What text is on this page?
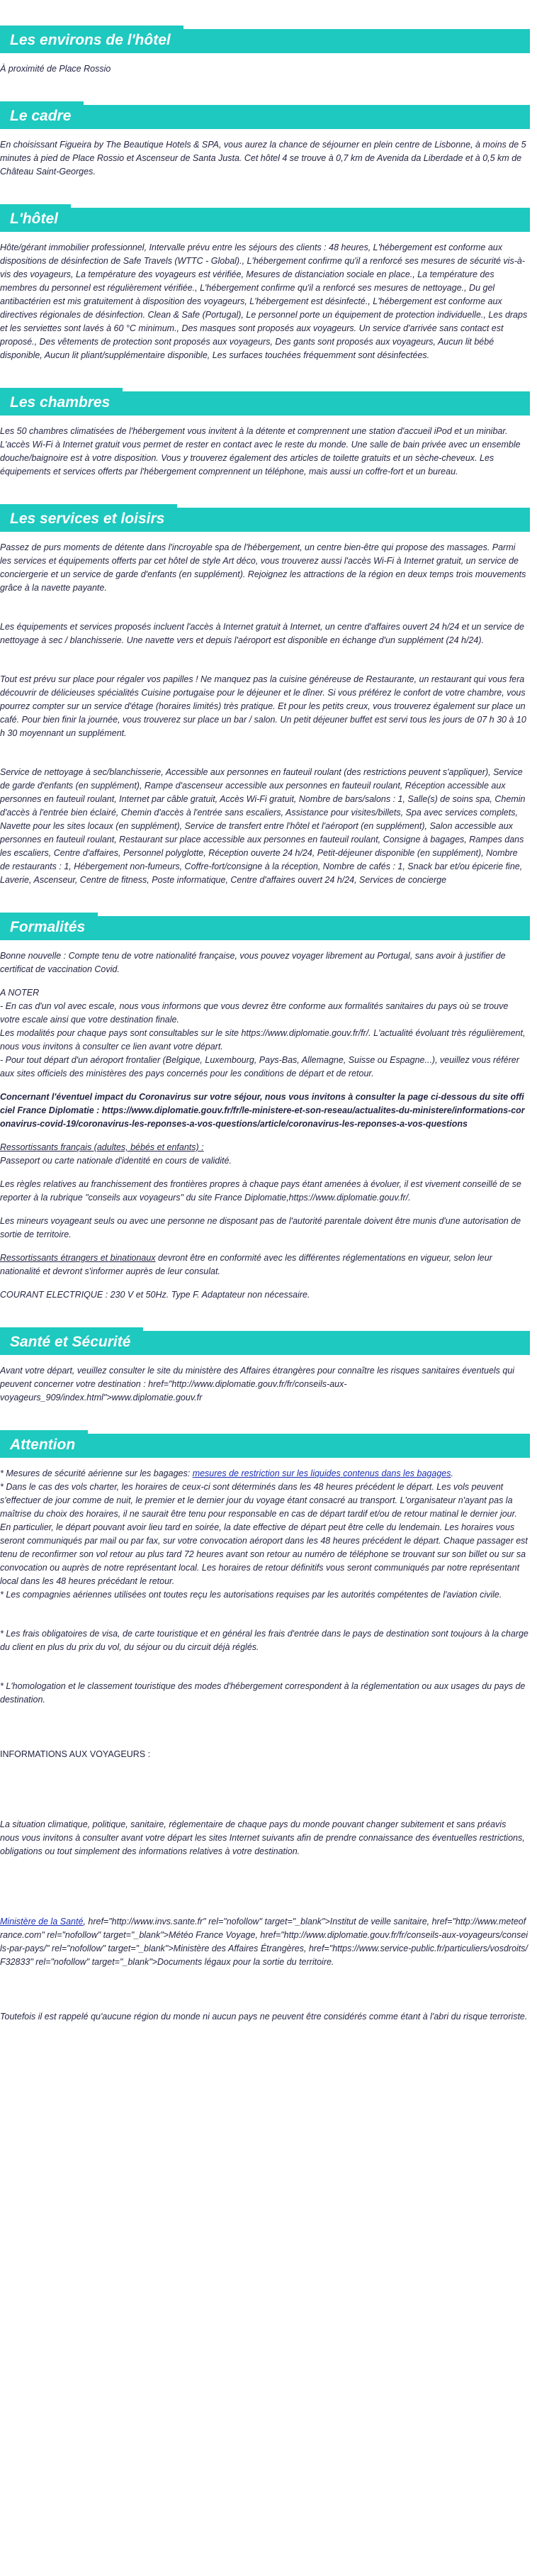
Les environs de l'hôtel

À proximité de Place Rossio

Le cadre

En choisissant Figueira by The Beautique Hotels & SPA, vous aurez la chance de séjourner en plein centre de Lisbonne, à moins de 5 minutes à pied de Place Rossio et Ascenseur de Santa Justa. Cet hôtel 4 se trouve à 0,7 km de Avenida da Liberdade et à 0,5 km de Château Saint-Georges.

L'hôtel

Hôte/gérant immobilier professionnel, Intervalle prévu entre les séjours des clients : 48 heures, L'hébergement est conforme aux dispositions de désinfection de Safe Travels (WTTC - Global)., L'hébergement confirme qu'il a renforcé ses mesures de sécurité vis-à-vis des voyageurs, La température des voyageurs est vérifiée, Mesures de distanciation sociale en place., La température des membres du personnel est régulièrement vérifiée., L'hébergement confirme qu'il a renforcé ses mesures de nettoyage., Du gel antibactérien est mis gratuitement à disposition des voyageurs, L'hébergement est désinfecté., L'hébergement est conforme aux directives régionales de désinfection. Clean & Safe (Portugal), Le personnel porte un équipement de protection individuelle., Les draps et les serviettes sont lavés à 60 °C minimum., Des masques sont proposés aux voyageurs. Un service d'arrivée sans contact est proposé., Des vêtements de protection sont proposés aux voyageurs, Des gants sont proposés aux voyageurs, Aucun lit bébé disponible, Aucun lit pliant/supplémentaire disponible, Les surfaces touchées fréquemment sont désinfectées.

Les chambres

Les 50 chambres climatisées de l'hébergement vous invitent à la détente et comprennent une station d'accueil iPod et un minibar. L'accès Wi-Fi à Internet gratuit vous permet de rester en contact avec le reste du monde. Une salle de bain privée avec un ensemble douche/baignoire est à votre disposition. Vous y trouverez également des articles de toilette gratuits et un sèche-cheveux. Les équipements et services offerts par l'hébergement comprennent un téléphone, mais aussi un coffre-fort et un bureau.

Les services et loisirs

Passez de purs moments de détente dans l'incroyable spa de l'hébergement, un centre bien-être qui propose des massages. Parmi les services et équipements offerts par cet hôtel de style Art déco, vous trouverez aussi l'accès Wi-Fi à Internet gratuit, un service de conciergerie et un service de garde d'enfants (en supplément). Rejoignez les attractions de la région en deux temps trois mouvements grâce à la navette payante.

Les équipements et services proposés incluent l'accès à Internet gratuit à Internet, un centre d'affaires ouvert 24 h/24 et un service de nettoyage à sec / blanchisserie. Une navette vers et depuis l'aéroport est disponible en échange d'un supplément (24 h/24).

Tout est prévu sur place pour régaler vos papilles ! Ne manquez pas la cuisine généreuse de Restaurante, un restaurant qui vous fera découvrir de délicieuses spécialités Cuisine portugaise pour le déjeuner et le dîner. Si vous préférez le confort de votre chambre, vous pourrez compter sur un service d'étage (horaires limités) très pratique. Et pour les petits creux, vous trouverez également sur place un café. Pour bien finir la journée, vous trouverez sur place un bar / salon. Un petit déjeuner buffet est servi tous les jours de 07 h 30 à 10 h 30 moyennant un supplément.

Service de nettoyage à sec/blanchisserie, Accessible aux personnes en fauteuil roulant (des restrictions peuvent s'appliquer), Service de garde d'enfants (en supplément), Rampe d'ascenseur accessible aux personnes en fauteuil roulant, Réception accessible aux personnes en fauteuil roulant, Internet par câble gratuit, Accès Wi-Fi gratuit, Nombre de bars/salons : 1, Salle(s) de soins spa, Chemin d'accès à l'entrée bien éclairé, Chemin d'accès à l'entrée sans escaliers, Assistance pour visites/billets, Spa avec services complets, Navette pour les sites locaux (en supplément), Service de transfert entre l'hôtel et l'aéroport (en supplément), Salon accessible aux personnes en fauteuil roulant, Restaurant sur place accessible aux personnes en fauteuil roulant, Consigne à bagages, Rampes dans les escaliers, Centre d'affaires, Personnel polyglotte, Réception ouverte 24 h/24, Petit-déjeuner disponible (en supplément), Nombre de restaurants : 1, Hébergement non-fumeurs, Coffre-fort/consigne à la réception, Nombre de cafés : 1, Snack bar et/ou épicerie fine, Laverie, Ascenseur, Centre de fitness, Poste informatique, Centre d'affaires ouvert 24 h/24, Services de concierge

Formalités

Bonne nouvelle : Compte tenu de votre nationalité française, vous pouvez voyager librement au Portugal, sans avoir à justifier de certificat de vaccination Covid.

A NOTER

- En cas d'un vol avec escale, nous vous informons que vous devrez être conforme aux formalités sanitaires du pays où se trouve votre escale ainsi que votre destination finale.

Les modalités pour chaque pays sont consultables sur le site https://www.diplomatie.gouv.fr/fr/. L'actualité évoluant très régulièrement, nous vous invitons à consulter ce lien avant votre départ.

- Pour tout départ d'un aéroport frontalier (Belgique, Luxembourg, Pays-Bas, Allemagne, Suisse ou Espagne...), veuillez vous référer aux sites officiels des ministères des pays concernés pour les conditions de départ et de retour.

Concernant l'éventuel impact du Coronavirus sur votre séjour, nous vous invitons à consulter la page ci-dessous du site officiel France Diplomatie : https://www.diplomatie.gouv.fr/fr/le-ministere-et-son-reseau/actualites-du-ministere/informations-coronavirus-covid-19/coronavirus-les-reponses-a-vos-questions/article/coronavirus-les-reponses-a-vos-questions

Ressortissants français (adultes, bébés et enfants) :

Passeport ou carte nationale d'identité en cours de validité.

Les règles relatives au franchissement des frontières propres à chaque pays étant amenées à évoluer, il est vivement conseillé de se reporter à la rubrique "conseils aux voyageurs" du site France Diplomatie,https://www.diplomatie.gouv.fr/.

Les mineurs voyageant seuls ou avec une personne ne disposant pas de l'autorité parentale doivent être munis d'une autorisation de sortie de territoire.

Ressortissants étrangers et binationaux devront être en conformité avec les différentes réglementations en vigueur, selon leur nationalité et devront s'informer auprès de leur consulat.

COURANT ELECTRIQUE : 230 V et 50Hz. Type F. Adaptateur non nécessaire.

Santé et Sécurité

Avant votre départ, veuillez consulter le site du ministère des Affaires étrangères pour connaître les risques sanitaires éventuels qui peuvent concerner votre destination : href="http://www.diplomatie.gouv.fr/fr/conseils-aux-voyageurs_909/index.html">www.diplomatie.gouv.fr

Attention

* Mesures de sécurité aérienne sur les bagages: mesures de restriction sur les liquides contenus dans les bagages.

* Dans le cas des vols charter, les horaires de ceux-ci sont déterminés dans les 48 heures précédent le départ. Les vols peuvent s'effectuer de jour comme de nuit, le premier et le dernier jour du voyage étant consacré au transport. L'organisateur n'ayant pas la maîtrise du choix des horaires, il ne saurait être tenu pour responsable en cas de départ tardif et/ou de retour matinal le dernier jour. En particulier, le départ pouvant avoir lieu tard en soirée, la date effective de départ peut être celle du lendemain. Les horaires vous seront communiqués par mail ou par fax, sur votre convocation aéroport dans les 48 heures précédent le départ. Chaque passager est tenu de reconfirmer son vol retour au plus tard 72 heures avant son retour au numéro de téléphone se trouvant sur son billet ou sur sa convocation ou auprès de notre représentant local. Les horaires de retour définitifs vous seront communiqués par notre représentant local dans les 48 heures précédant le retour.

* Les compagnies aériennes utilisées ont toutes reçu les autorisations requises par les autorités compétentes de l'aviation civile.

* Les frais obligatoires de visa, de carte touristique et en général les frais d'entrée dans le pays de destination sont toujours à la charge du client en plus du prix du vol, du séjour ou du circuit déjà réglés.

* L'homologation et le classement touristique des modes d'hébergement correspondent à la réglementation ou aux usages du pays de destination.

INFORMATIONS AUX VOYAGEURS :

La situation climatique, politique, sanitaire, réglementaire de chaque pays du monde pouvant changer subitement et sans préavis

nous vous invitons à consulter avant votre départ les sites Internet suivants afin de prendre connaissance des éventuelles restrictions, obligations ou tout simplement des informations relatives à votre destination.

Ministère de la Santé, href="http://www.invs.sante.fr" rel="nofollow" target="_blank">Institut de veille sanitaire, href="http://www.meteofrance.com" rel="nofollow" target="_blank">Météo France Voyage, href="http://www.diplomatie.gouv.fr/fr/conseils-aux-voyageurs/conseils-par-pays/" rel="nofollow" target="_blank">Ministère des Affaires Étrangères, href="https://www.service-public.fr/particuliers/vosdroits/F32833" rel="nofollow" target="_blank">Documents légaux pour la sortie du territoire.

Toutefois il est rappelé qu'aucune région du monde ni aucun pays ne peuvent être considérés comme étant à l'abri du risque terroriste.
